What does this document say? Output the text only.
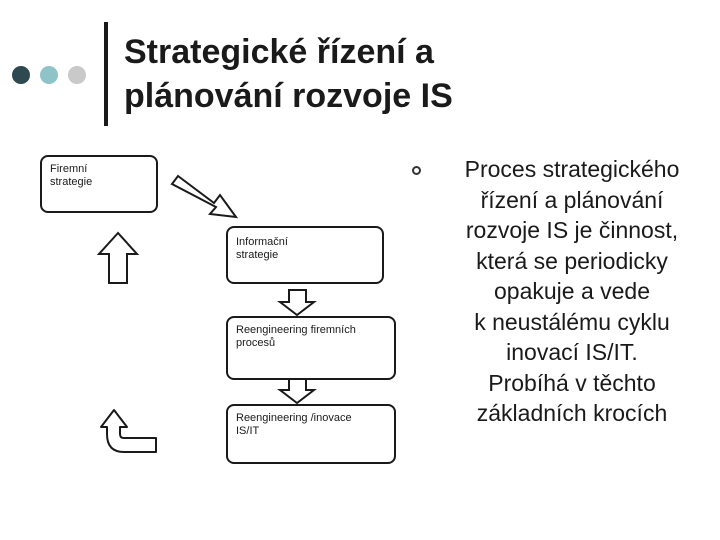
Strategické řízení a
plánování rozvoje IS
Firemní
strategie
Informační
strategie
Reengineering firemních
procesů
Reengineering /inovace
IS/IT
Proces strategického
řízení a plánování
rozvoje IS je činnost,
která se periodicky
opakuje a vede
k neustálému cyklu
inovací IS/IT.
Probíhá v těchto
základních krocích
